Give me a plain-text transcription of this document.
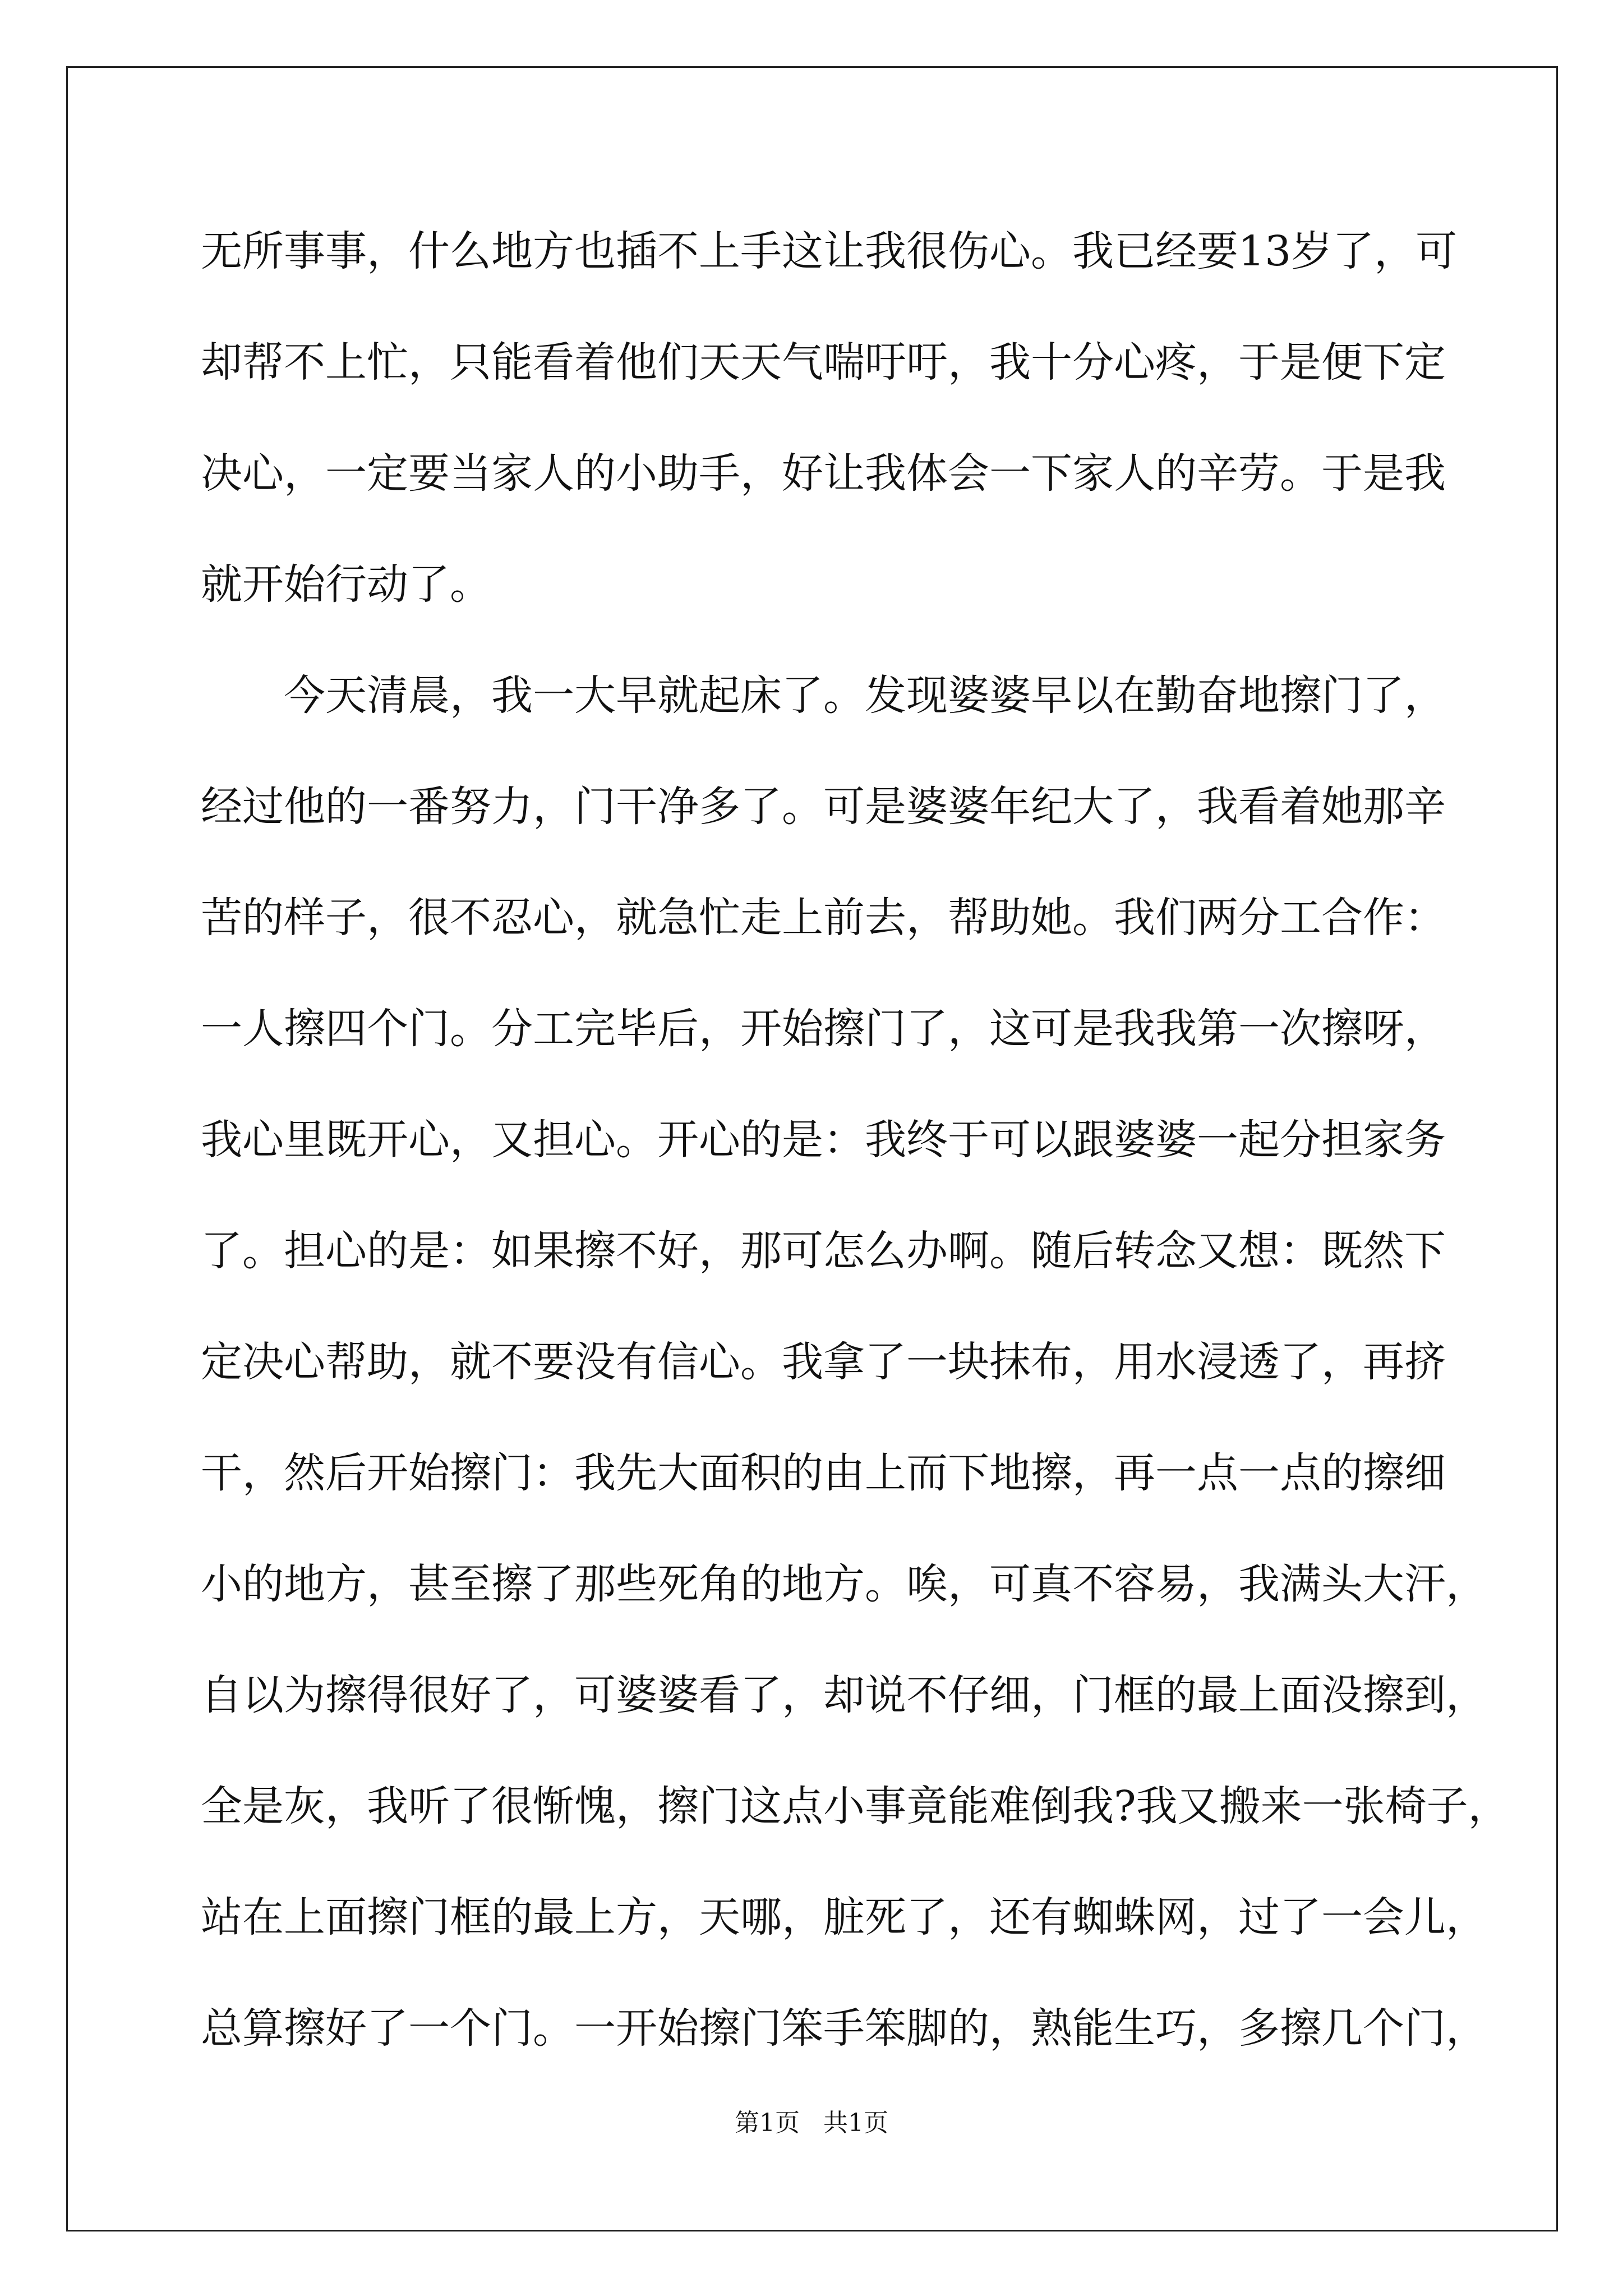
无所事事，什么地方也插不上手这让我很伤心。我已经要13岁了，可
却帮不上忙，只能看着他们天天气喘吁吁，我十分心疼，于是便下定
决心，一定要当家人的小助手，好让我体会一下家人的辛劳。于是我
就开始行动了。
　　今天清晨，我一大早就起床了。发现婆婆早以在勤奋地擦门了，
经过他的一番努力，门干净多了。可是婆婆年纪大了，我看着她那辛
苦的样子，很不忍心，就急忙走上前去，帮助她。我们两分工合作：
一人擦四个门。分工完毕后，开始擦门了，这可是我我第一次擦呀，
我心里既开心，又担心。开心的是：我终于可以跟婆婆一起分担家务
了。担心的是：如果擦不好，那可怎么办啊。随后转念又想：既然下
定决心帮助，就不要没有信心。我拿了一块抹布，用水浸透了，再挤
干，然后开始擦门：我先大面积的由上而下地擦，再一点一点的擦细
小的地方，甚至擦了那些死角的地方。唉，可真不容易，我满头大汗，
自以为擦得很好了，可婆婆看了，却说不仔细，门框的最上面没擦到，
全是灰，我听了很惭愧，擦门这点小事竟能难倒我?我又搬来一张椅子，
站在上面擦门框的最上方，天哪，脏死了，还有蜘蛛网，过了一会儿，
总算擦好了一个门。一开始擦门笨手笨脚的，熟能生巧，多擦几个门，
第1页   共1页
